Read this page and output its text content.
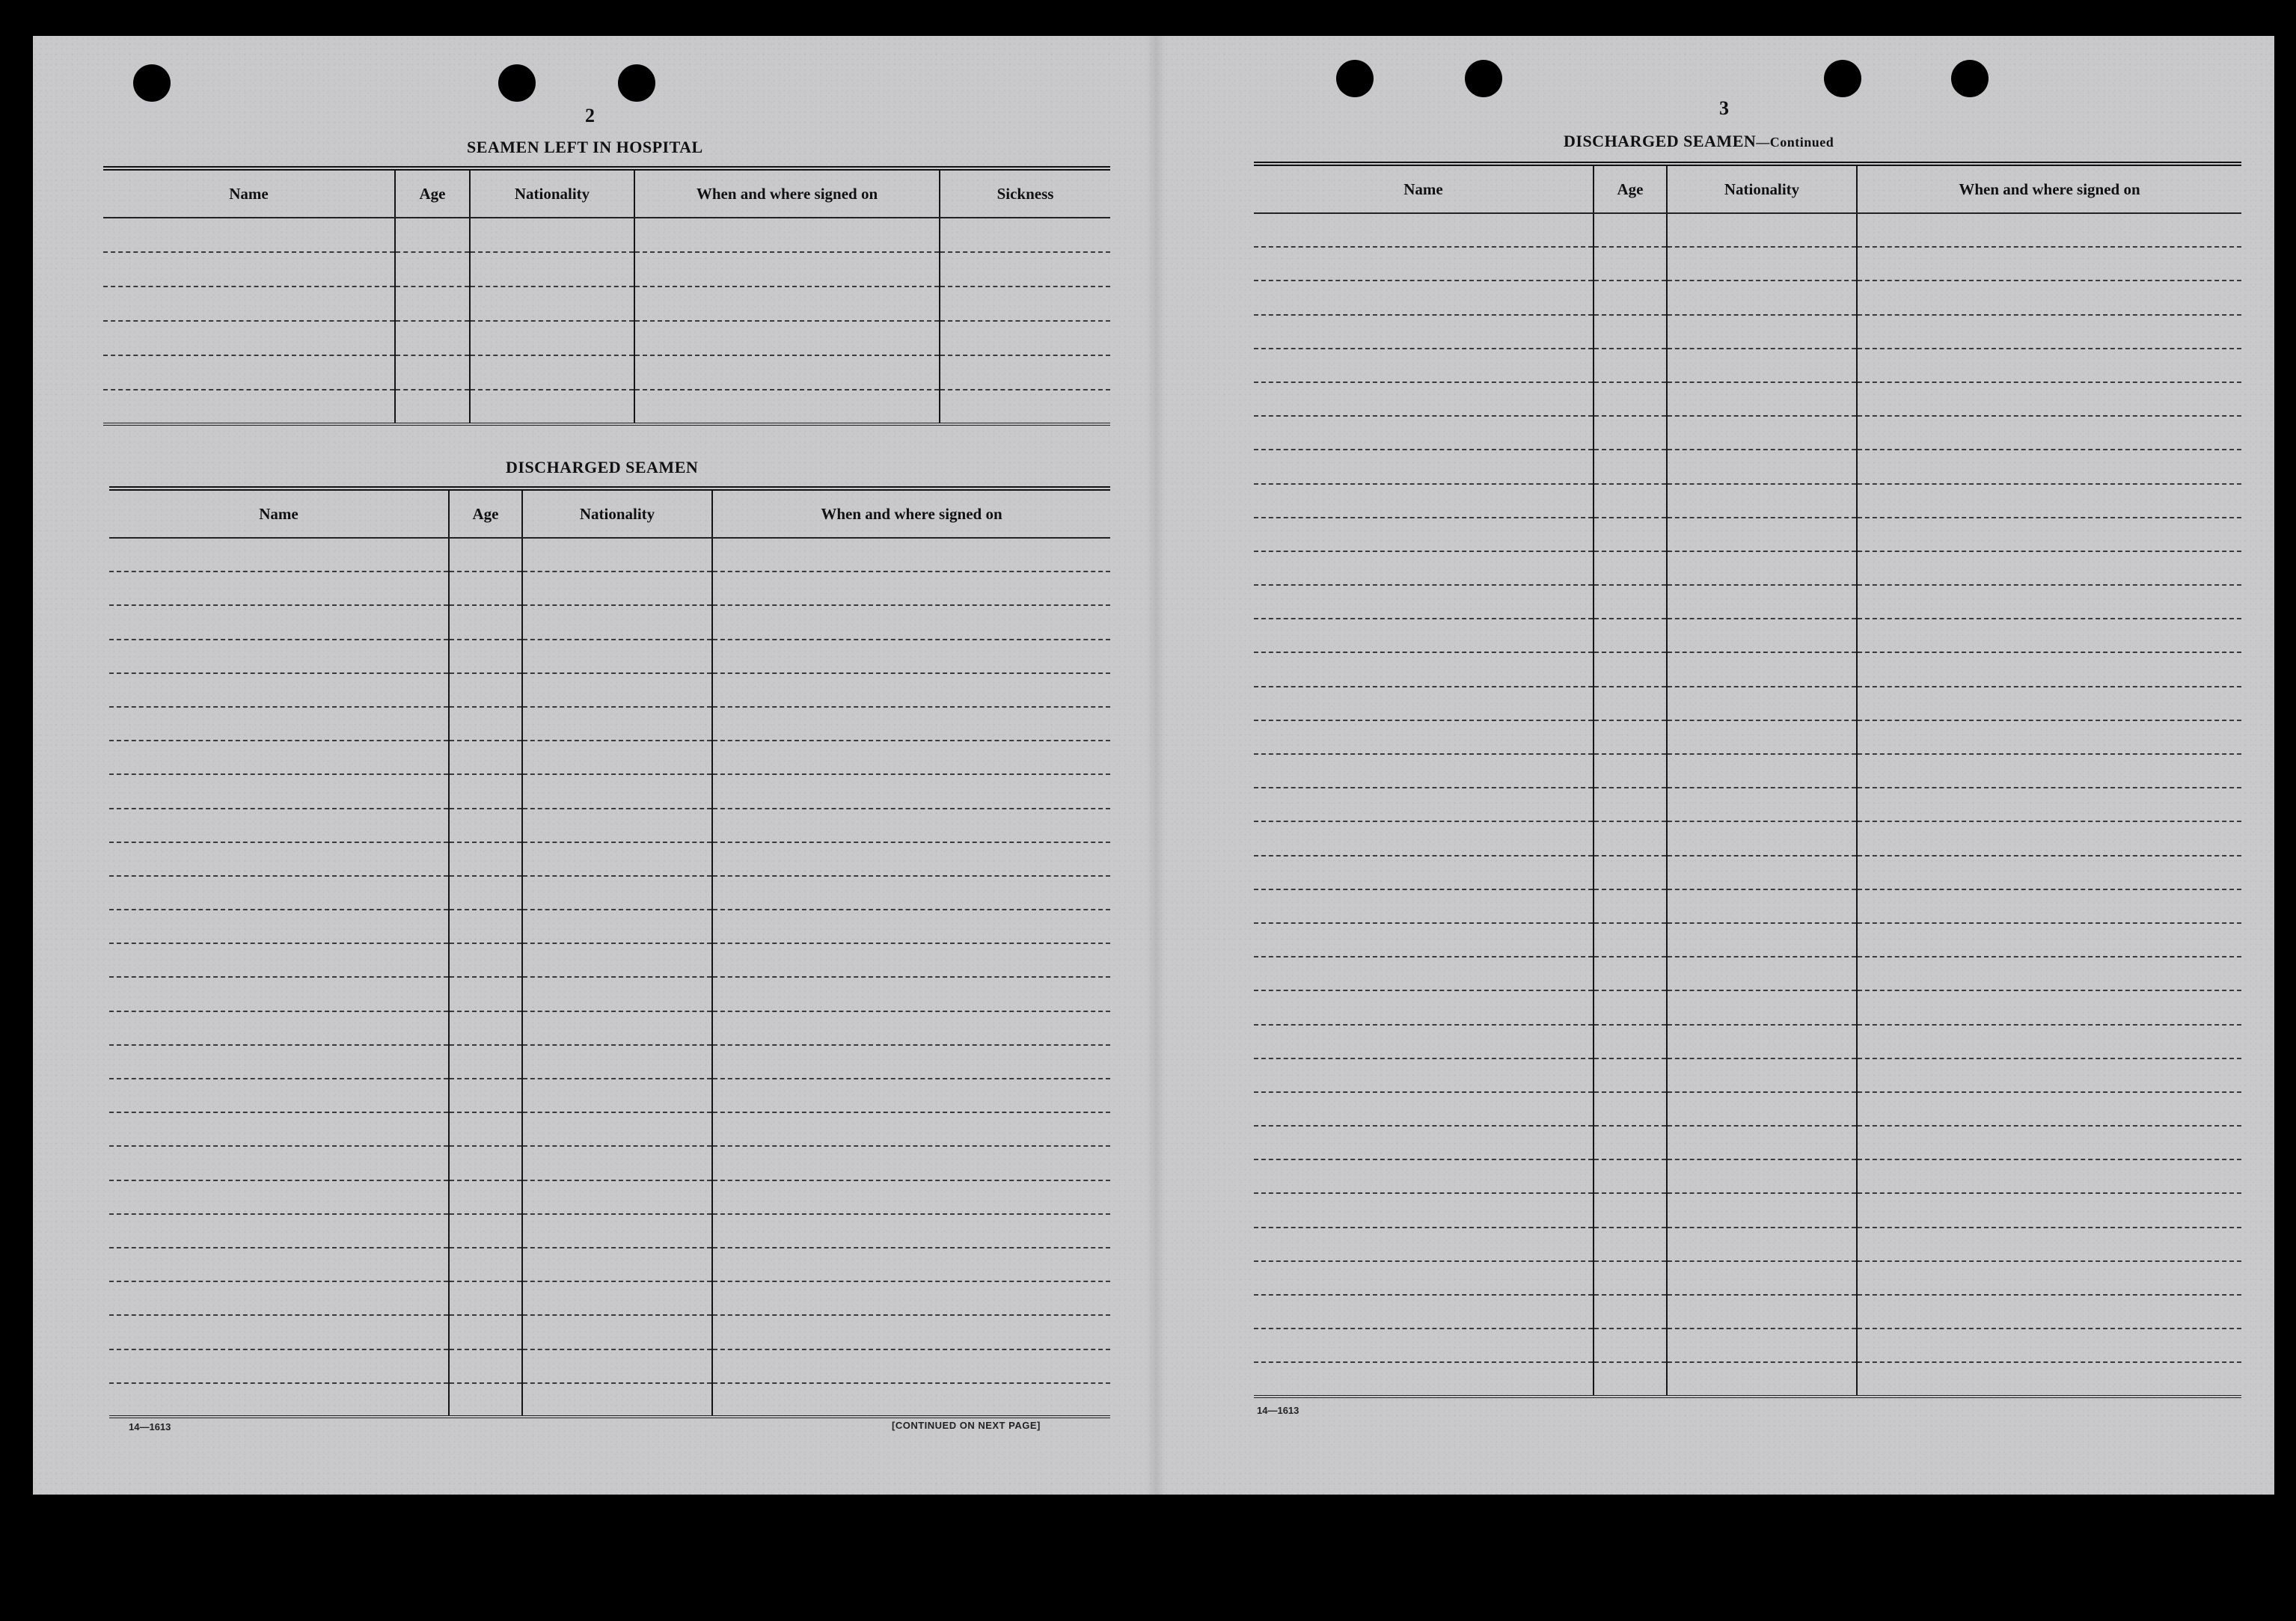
2
SEAMEN LEFT IN HOSPITAL
Name	Age	Nationality	When and where signed on	Sickness

DISCHARGED SEAMEN
Name	Age	Nationality	When and where signed on

14—1613	[CONTINUED ON NEXT PAGE]
3
DISCHARGED SEAMEN—Continued
Name	Age	Nationality	When and where signed on

14—1613
